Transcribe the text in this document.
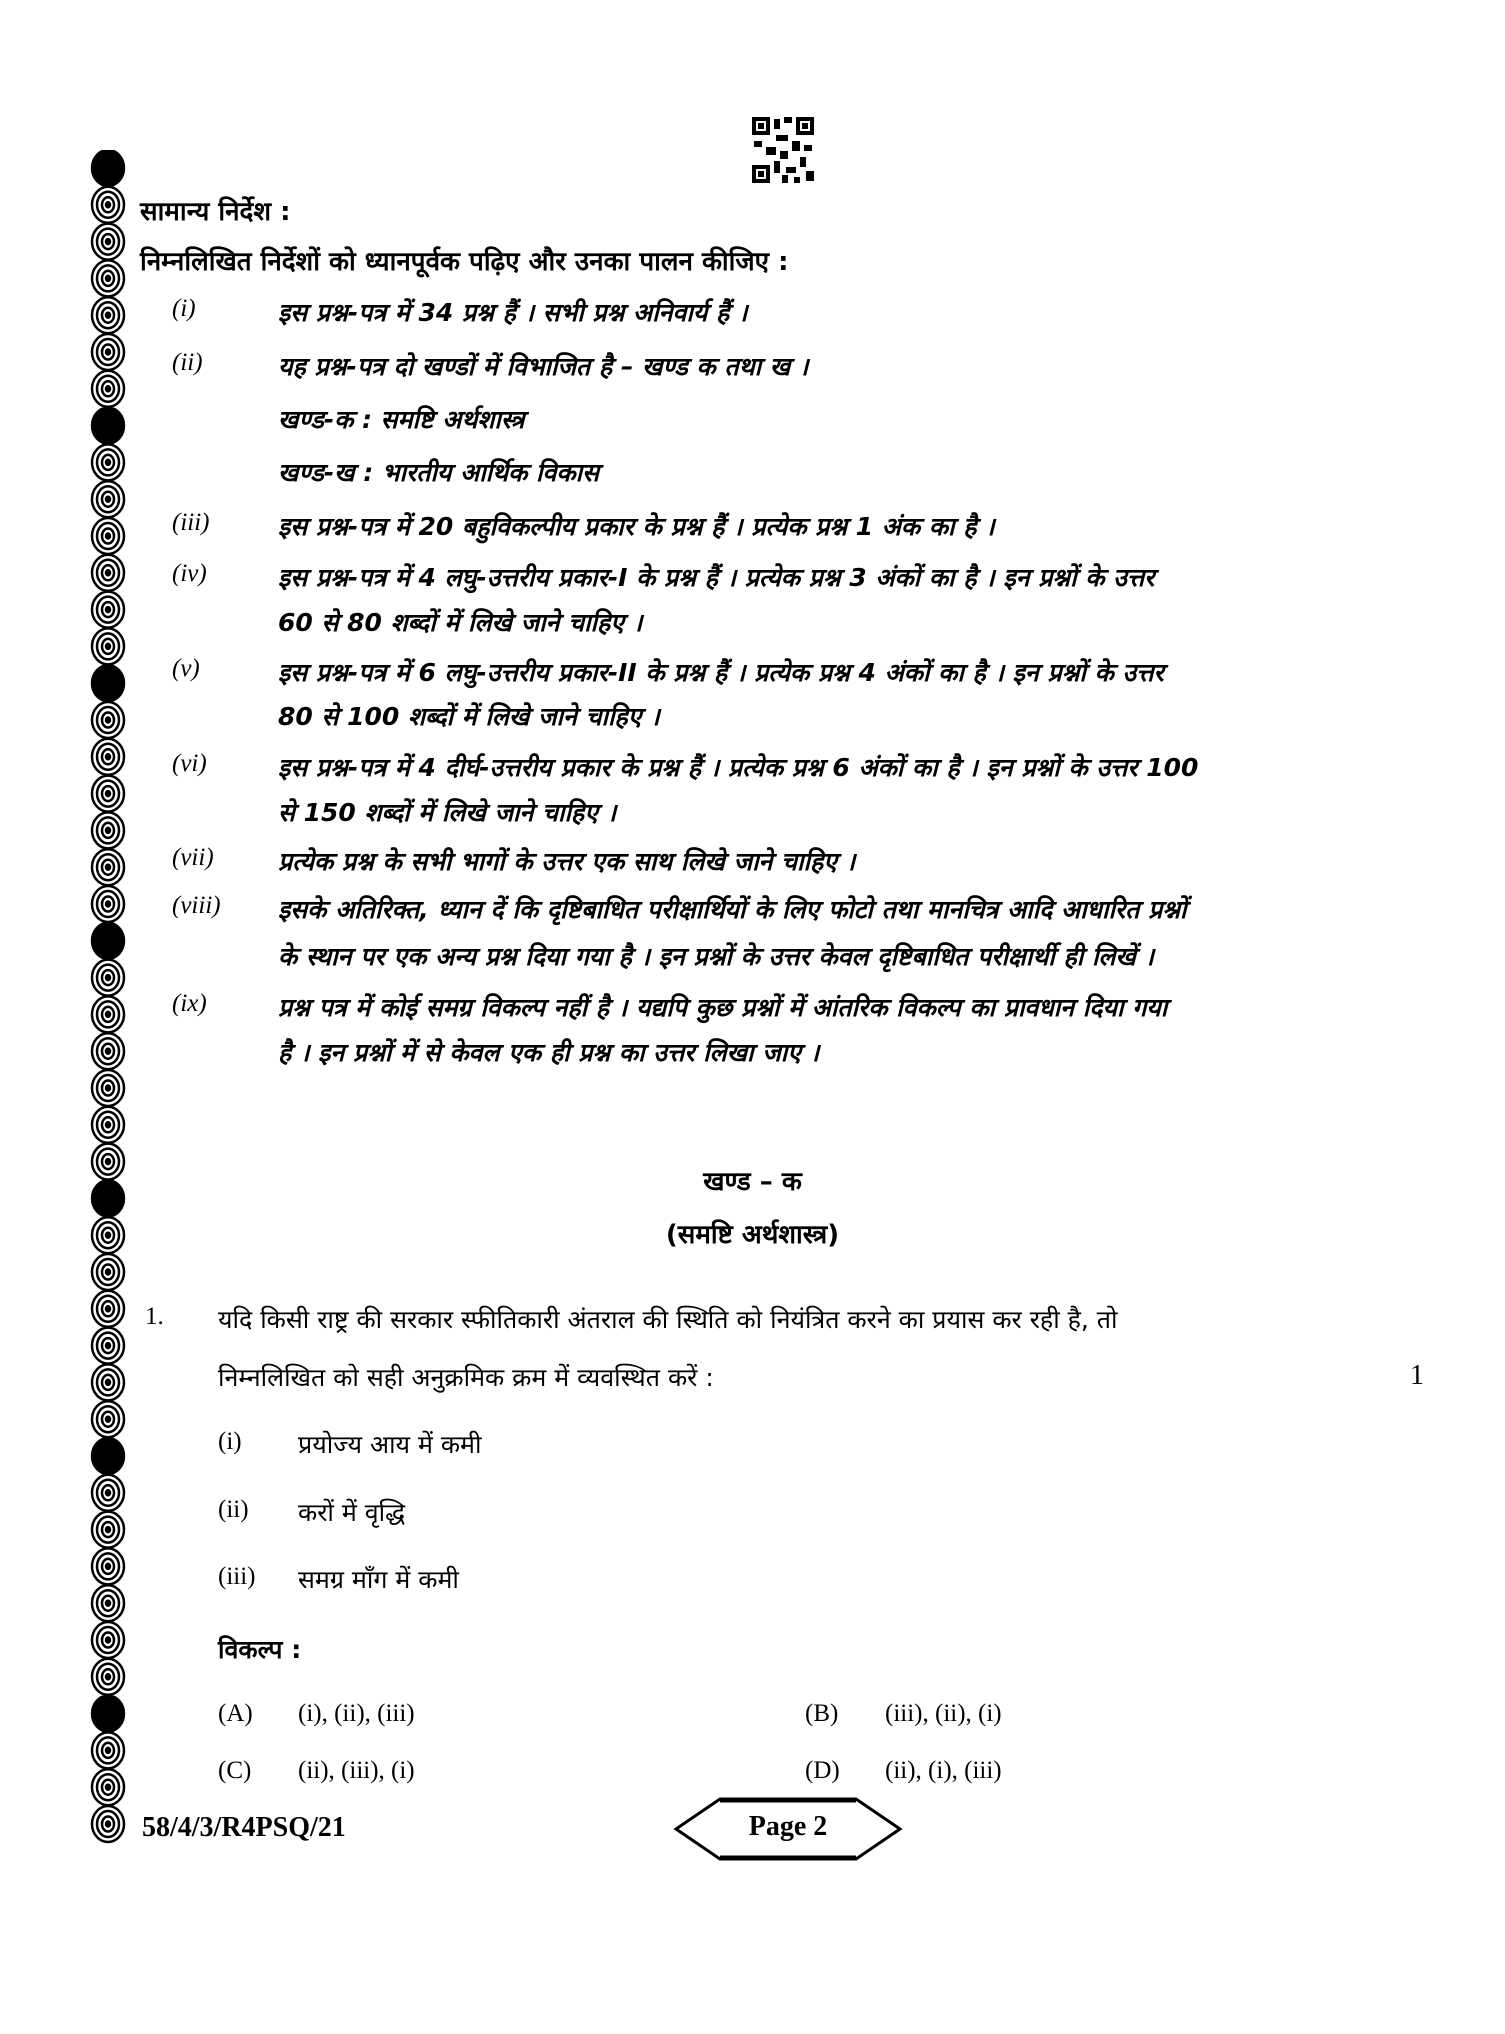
सामान्य निर्देश :
निम्नलिखित निर्देशों को ध्यानपूर्वक पढ़िए और उनका पालन कीजिए :
(i)	इस प्रश्न-पत्र में 34 प्रश्न हैं । सभी प्रश्न अनिवार्य हैं ।
(ii)	यह प्रश्न-पत्र दो खण्डों में विभाजित है – खण्ड क तथा ख ।
खण्ड-क : समष्टि अर्थशास्त्र
खण्ड-ख : भारतीय आर्थिक विकास
(iii)	इस प्रश्न-पत्र में 20 बहुविकल्पीय प्रकार के प्रश्न हैं । प्रत्येक प्रश्न 1 अंक का है ।
(iv)	इस प्रश्न-पत्र में 4 लघु-उत्तरीय प्रकार-I के प्रश्न हैं । प्रत्येक प्रश्न 3 अंकों का है । इन प्रश्नों के उत्तर
60 से 80 शब्दों में लिखे जाने चाहिए ।
(v)	इस प्रश्न-पत्र में 6 लघु-उत्तरीय प्रकार-II के प्रश्न हैं । प्रत्येक प्रश्न 4 अंकों का है । इन प्रश्नों के उत्तर
80 से 100 शब्दों में लिखे जाने चाहिए ।
(vi)	इस प्रश्न-पत्र में 4 दीर्घ-उत्तरीय प्रकार के प्रश्न हैं । प्रत्येक प्रश्न 6 अंकों का है । इन प्रश्नों के उत्तर 100
से 150 शब्दों में लिखे जाने चाहिए ।
(vii)	प्रत्येक प्रश्न के सभी भागों के उत्तर एक साथ लिखे जाने चाहिए ।
(viii) इसके अतिरिक्त, ध्यान दें कि दृष्टिबाधित परीक्षार्थियों के लिए फोटो तथा मानचित्र आदि आधारित प्रश्नों
के स्थान पर एक अन्य प्रश्न दिया गया है । इन प्रश्नों के उत्तर केवल दृष्टिबाधित परीक्षार्थी ही लिखें ।
(ix)	प्रश्न पत्र में कोई समग्र विकल्प नहीं है । यद्यपि कुछ प्रश्नों में आंतरिक विकल्प का प्रावधान दिया गया
है । इन प्रश्नों में से केवल एक ही प्रश्न का उत्तर लिखा जाए ।
खण्ड – क
(समष्टि अर्थशास्त्र)
1. यदि किसी राष्ट्र की सरकार स्फीतिकारी अंतराल की स्थिति को नियंत्रित करने का प्रयास कर रही है, तो
निम्नलिखित को सही अनुक्रमिक क्रम में व्यवस्थित करें :	1
(i) प्रयोज्य आय में कमी
(ii) करों में वृद्धि
(iii) समग्र माँग में कमी
विकल्प :
(A) (i), (ii), (iii)	(B) (iii), (ii), (i)
(C) (ii), (iii), (i)	(D) (ii), (i), (iii)
58/4/3/R4PSQ/21	Page 2
